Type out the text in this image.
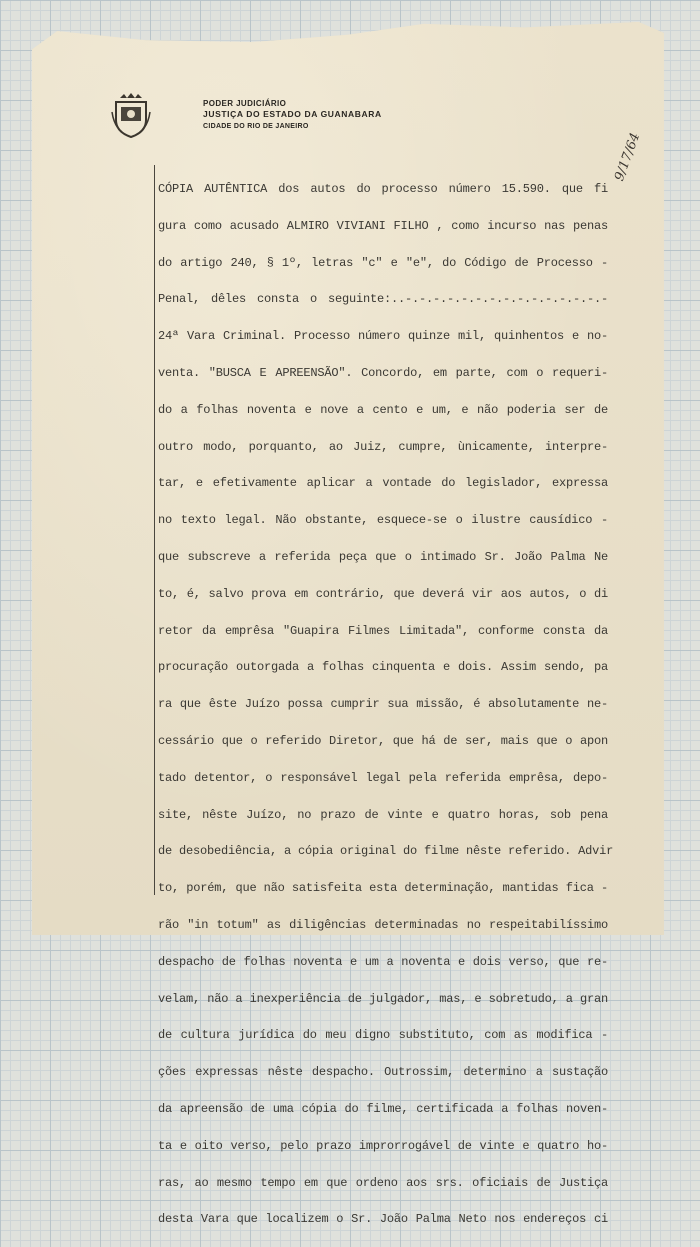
PODER JUDICIÁRIO
JUSTIÇA DO ESTADO DA GUANABARA
CIDADE DO RIO DE JANEIRO
9/17/64
CÓPIA AUTÊNTICA dos autos do processo número 15.590. que fi
gura como acusado ALMIRO VIVIANI FILHO , como incurso nas penas
do artigo 240, § 1º, letras "c" e "e", do Código de Processo -
Penal, dêles consta o seguinte:..-.-.-.-.-.-.-.-.-.-.-.-.-.-.-
24ª Vara Criminal. Processo número quinze mil, quinhentos e no-
venta. "BUSCA E APREENSÃO". Concordo, em parte, com o requeri-
do a folhas noventa e nove a cento e um, e não poderia ser de
outro modo, porquanto, ao Juiz, cumpre, ùnicamente, interpre-
tar, e efetivamente aplicar a vontade do legislador, expressa
no texto legal. Não obstante, esquece-se o ilustre causídico -
que subscreve a referida peça que o intimado Sr. João Palma Ne
to, é, salvo prova em contrário, que deverá vir aos autos, o di
retor da emprêsa "Guapira Filmes Limitada", conforme consta da
procuração outorgada a folhas cinquenta e dois. Assim sendo, pa
ra que êste Juízo possa cumprir sua missão, é absolutamente ne-
cessário que o referido Diretor, que há de ser, mais que o apon
tado detentor, o responsável legal pela referida emprêsa, depo-
site, nêste Juízo, no prazo de vinte e quatro horas, sob pena
de desobediência, a cópia original do filme nêste referido. Advir
to, porém, que não satisfeita esta determinação, mantidas fica -
rão "in totum" as diligências determinadas no respeitabilíssimo
despacho de folhas noventa e um a noventa e dois verso, que re-
velam, não a inexperiência de julgador, mas, e sobretudo, a gran
de cultura jurídica do meu digno substituto, com as modifica -
ções expressas nêste despacho. Outrossim, determino a sustação
da apreensão de uma cópia do filme, certificada a folhas noven-
ta e oito verso, pelo prazo improrrogável de vinte e quatro ho-
ras, ao mesmo tempo em que ordeno aos srs. oficiais de Justiça
desta Vara que localizem o Sr. João Palma Neto nos endereços ci
